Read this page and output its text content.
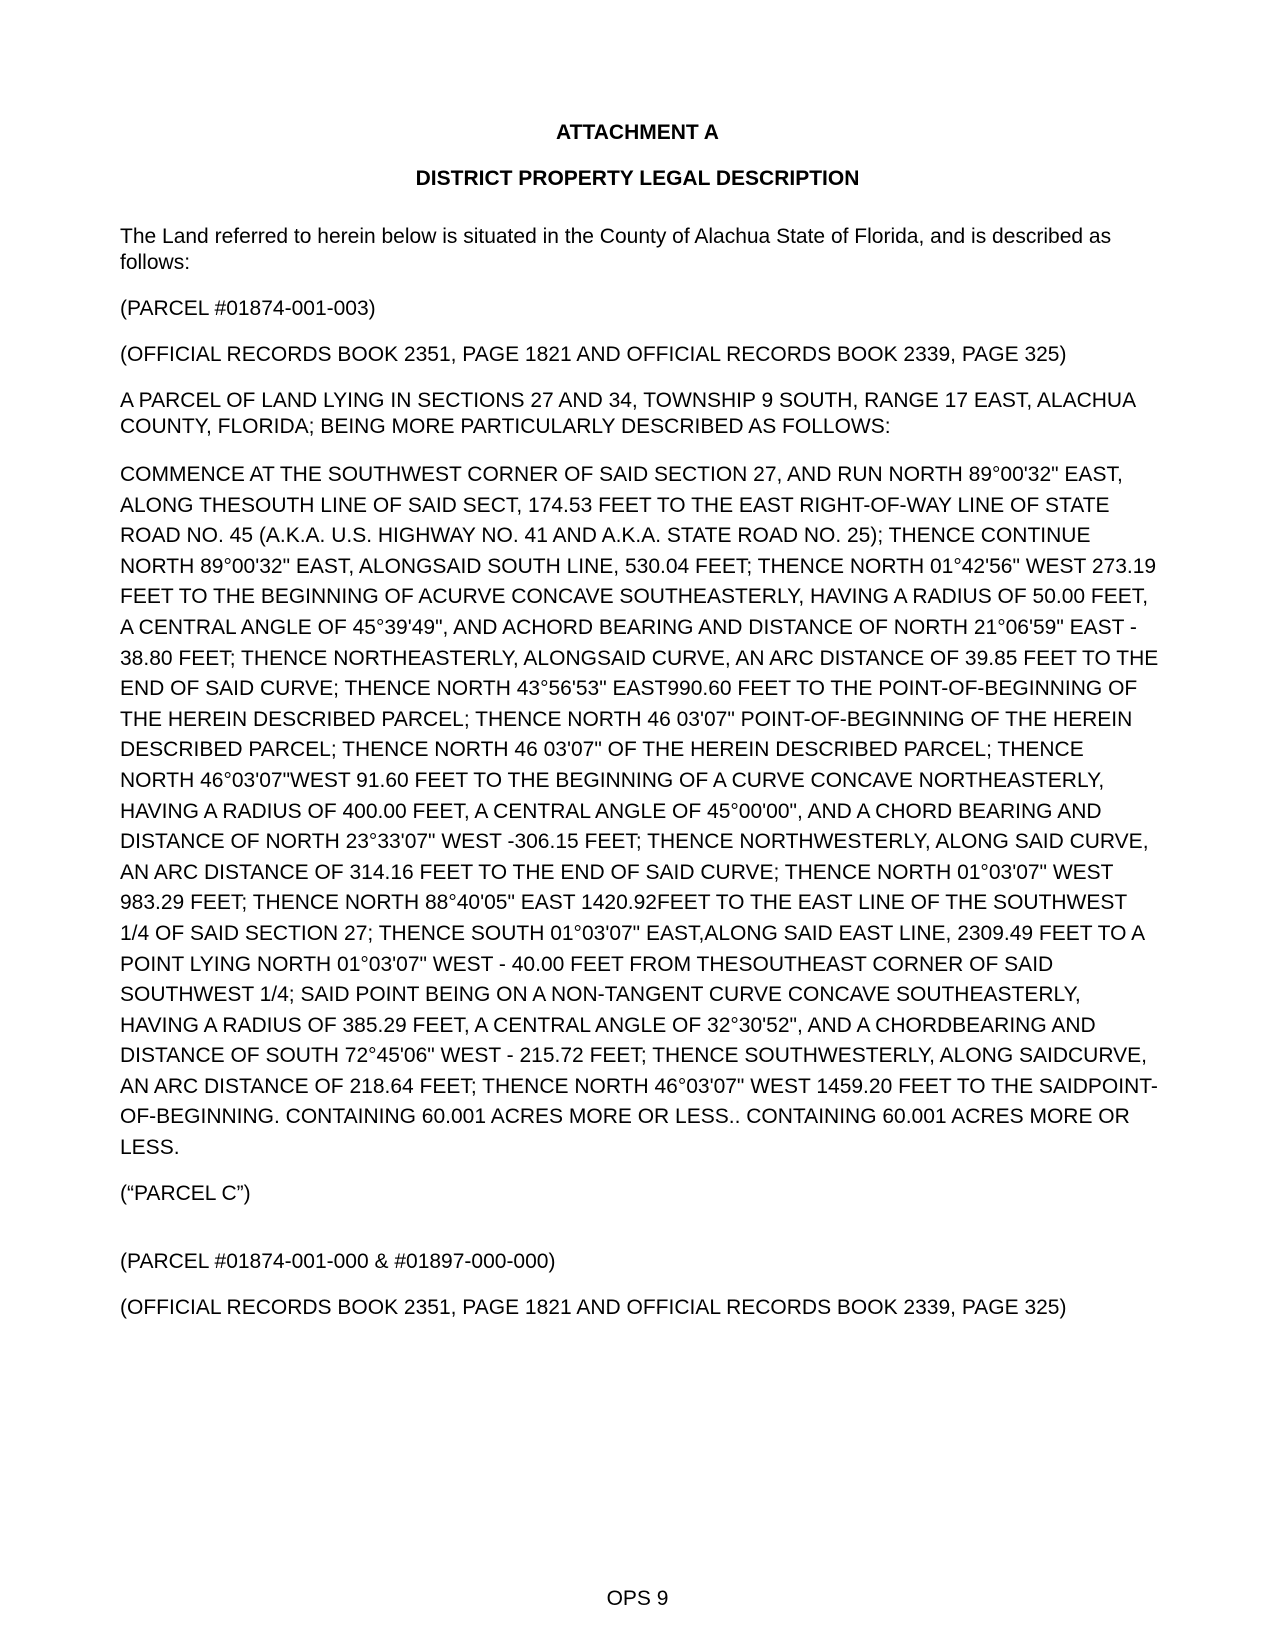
ATTACHMENT A
DISTRICT PROPERTY LEGAL DESCRIPTION

The Land referred to herein below is situated in the County of Alachua State of Florida, and is described as follows:

(PARCEL #01874-001-003)

(OFFICIAL RECORDS BOOK 2351, PAGE 1821 AND OFFICIAL RECORDS BOOK 2339, PAGE 325)

A PARCEL OF LAND LYING IN SECTIONS 27 AND 34, TOWNSHIP 9 SOUTH, RANGE 17 EAST, ALACHUA COUNTY, FLORIDA; BEING MORE PARTICULARLY DESCRIBED AS FOLLOWS:

COMMENCE AT THE SOUTHWEST CORNER OF SAID SECTION 27, AND RUN NORTH 89°00'32" EAST, ALONG THESOUTH LINE OF SAID SECT, 174.53 FEET TO THE EAST RIGHT-OF-WAY LINE OF STATE ROAD NO. 45 (A.K.A. U.S. HIGHWAY NO. 41 AND A.K.A. STATE ROAD NO. 25); THENCE CONTINUE NORTH 89°00'32" EAST, ALONGSAID SOUTH LINE, 530.04 FEET; THENCE NORTH 01°42'56" WEST 273.19 FEET TO THE BEGINNING OF ACURVE CONCAVE SOUTHEASTERLY, HAVING A RADIUS OF 50.00 FEET, A CENTRAL ANGLE OF 45°39'49", AND ACHORD BEARING AND DISTANCE OF NORTH 21°06'59" EAST - 38.80 FEET; THENCE NORTHEASTERLY, ALONGSAID CURVE, AN ARC DISTANCE OF 39.85 FEET TO THE END OF SAID CURVE; THENCE NORTH 43°56'53" EAST990.60 FEET TO THE POINT-OF-BEGINNING OF THE HEREIN DESCRIBED PARCEL; THENCE NORTH 46 03'07" POINT-OF-BEGINNING OF THE HEREIN DESCRIBED PARCEL; THENCE NORTH 46 03'07" OF THE HEREIN DESCRIBED PARCEL; THENCE NORTH 46°03'07"WEST 91.60 FEET TO THE BEGINNING OF A CURVE CONCAVE NORTHEASTERLY, HAVING A RADIUS OF 400.00 FEET, A CENTRAL ANGLE OF 45°00'00", AND A CHORD BEARING AND DISTANCE OF NORTH 23°33'07" WEST -306.15 FEET; THENCE NORTHWESTERLY, ALONG SAID CURVE, AN ARC DISTANCE OF 314.16 FEET TO THE END OF SAID CURVE; THENCE NORTH 01°03'07" WEST 983.29 FEET; THENCE NORTH 88°40'05" EAST 1420.92FEET TO THE EAST LINE OF THE SOUTHWEST 1/4 OF SAID SECTION 27; THENCE SOUTH 01°03'07" EAST,ALONG SAID EAST LINE, 2309.49 FEET TO A POINT LYING NORTH 01°03'07" WEST - 40.00 FEET FROM THESOUTHEAST CORNER OF SAID SOUTHWEST 1/4; SAID POINT BEING ON A NON-TANGENT CURVE CONCAVE SOUTHEASTERLY, HAVING A RADIUS OF 385.29 FEET, A CENTRAL ANGLE OF 32°30'52", AND A CHORDBEARING AND DISTANCE OF SOUTH 72°45'06" WEST - 215.72 FEET; THENCE SOUTHWESTERLY, ALONG SAIDCURVE, AN ARC DISTANCE OF 218.64 FEET; THENCE NORTH 46°03'07" WEST 1459.20 FEET TO THE SAIDPOINT-OF-BEGINNING. CONTAINING 60.001 ACRES MORE OR LESS.. CONTAINING 60.001 ACRES MORE OR LESS.

(“PARCEL C”)

(PARCEL #01874-001-000 & #01897-000-000)

(OFFICIAL RECORDS BOOK 2351, PAGE 1821 AND OFFICIAL RECORDS BOOK 2339, PAGE 325)

OPS 9
